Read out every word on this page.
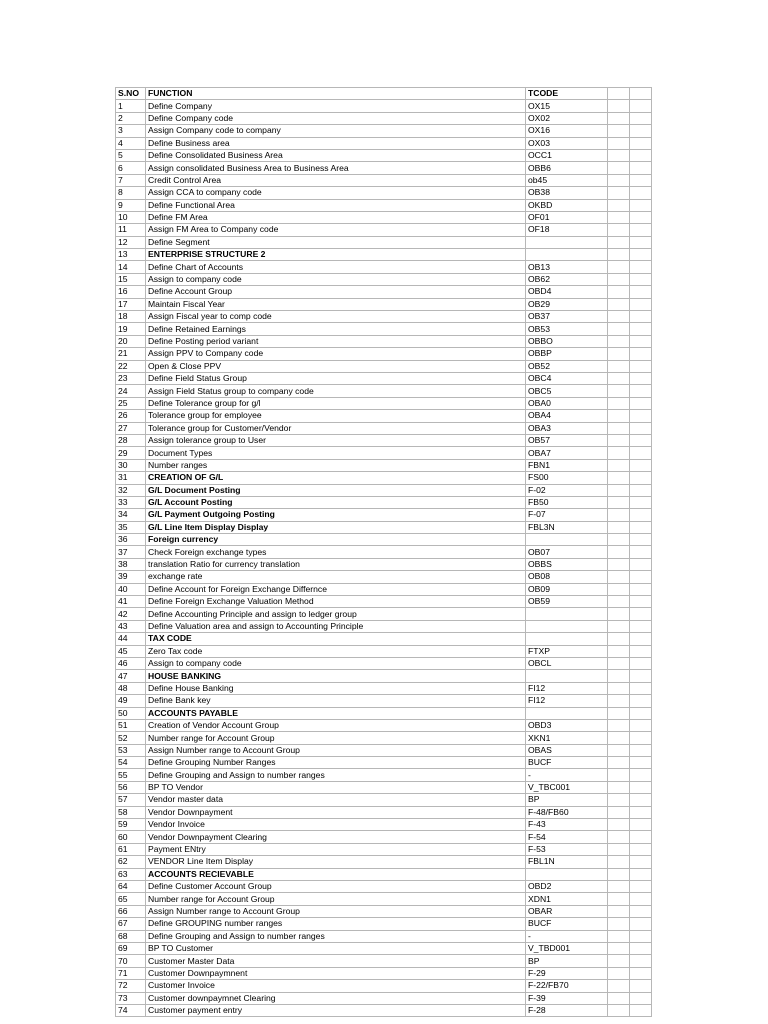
S.NO	FUNCTION	TCODE		
1	Define Company	OX15		
2	Define Company code	OX02		
3	Assign Company code to company	OX16		
4	Define Business area	OX03		
5	Define Consolidated Business Area	OCC1		
6	Assign consolidated Business Area to Business Area	OBB6		
7	Credit Control Area	ob45		
8	Assign CCA to company code	OB38		
9	Define Functional Area	OKBD		
10	Define FM Area	OF01		
11	Assign FM Area to Company code	OF18		
12	Define Segment			
13	ENTERPRISE STRUCTURE 2			
14	Define Chart of Accounts	OB13		
15	Assign to company code	OB62		
16	Define Account Group	OBD4		
17	Maintain Fiscal Year	OB29		
18	Assign Fiscal year to comp code	OB37		
19	Define Retained Earnings	OB53		
20	Define Posting period variant	OBBO		
21	Assign PPV to Company code	OBBP		
22	Open & Close PPV	OB52		
23	Define Field Status Group	OBC4		
24	Assign Field Status group to company code	OBC5		
25	Define Tolerance group for g/l	OBA0		
26	Tolerance group for employee	OBA4		
27	Tolerance group for Customer/Vendor	OBA3		
28	Assign tolerance group to User	OB57		
29	Document Types	OBA7		
30	Number ranges	FBN1		
31	CREATION OF G/L	FS00		
32	G/L Document Posting	F-02		
33	G/L Account Posting	FB50		
34	G/L Payment Outgoing Posting	F-07		
35	G/L Line Item Display Display	FBL3N		
36	Foreign currency			
37	Check Foreign exchange types	OB07		
38	translation Ratio for currency translation	OBBS		
39	exchange rate	OB08		
40	Define Account for Foreign Exchange Differnce	OB09		
41	Define Foreign Exchange Valuation Method	OB59		
42	Define Accounting Principle and assign to ledger group			
43	Define Valuation area and assign to Accounting Principle			
44	TAX CODE			
45	Zero Tax code	FTXP		
46	Assign to company code	OBCL		
47	HOUSE BANKING			
48	Define House Banking	FI12		
49	Define Bank key	FI12		
50	ACCOUNTS PAYABLE			
51	Creation of Vendor Account Group	OBD3		
52	Number range for Account Group	XKN1		
53	Assign Number range to Account Group	OBAS		
54	Define Grouping Number Ranges	BUCF		
55	Define Grouping and Assign to number ranges	-		
56	BP TO Vendor	V_TBC001		
57	Vendor master data	BP		
58	Vendor Downpayment	F-48/FB60		
59	Vendor Invoice	F-43		
60	Vendor Downpayment Clearing	F-54		
61	Payment ENtry	F-53		
62	VENDOR Line Item Display	FBL1N		
63	ACCOUNTS RECIEVABLE			
64	Define Customer Account Group	OBD2		
65	Number range for Account Group	XDN1		
66	Assign Number range to Account Group	OBAR		
67	Define GROUPING number ranges	BUCF		
68	Define Grouping and Assign to number ranges	-		
69	BP TO Customer	V_TBD001		
70	Customer Master Data	BP		
71	Customer Downpaymnent	F-29		
72	Customer Invoice	F-22/FB70		
73	Customer downpaymnet Clearing	F-39		
74	Customer payment entry	F-28		
